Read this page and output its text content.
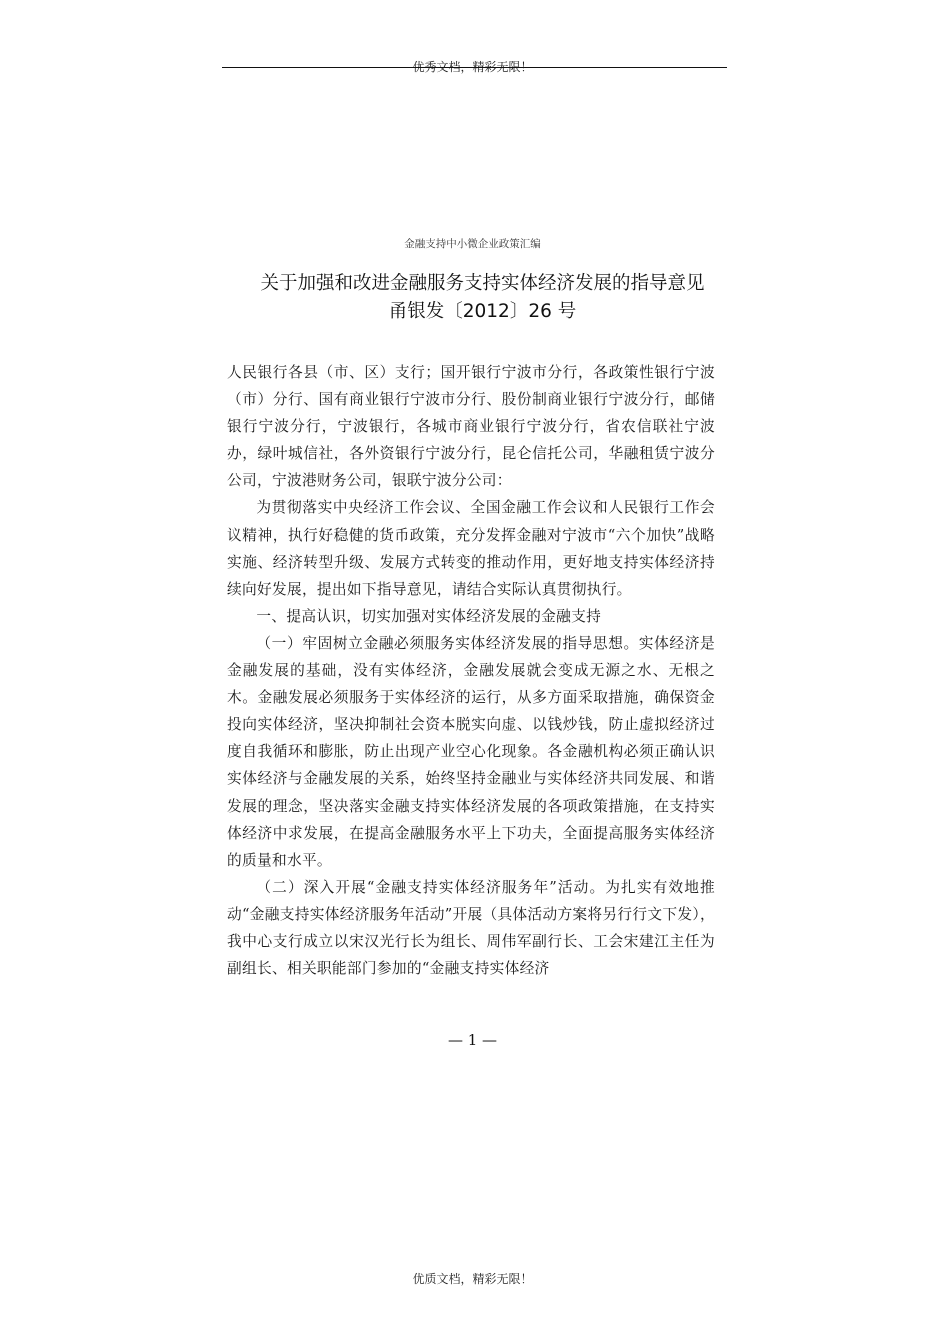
优秀文档，精彩无限！
金融支持中小微企业政策汇编
关于加强和改进金融服务支持实体经济发展的指导意见
甬银发〔2012〕26 号

人民银行各县（市、区）支行；国开银行宁波市分行，各政策性银行宁波（市）分行、国有商业银行宁波市分行、股份制商业银行宁波分行，邮储银行宁波分行，宁波银行，各城市商业银行宁波分行，省农信联社宁波办，绿叶城信社，各外资银行宁波分行，昆仑信托公司，华融租赁宁波分公司，宁波港财务公司，银联宁波分公司：

为贯彻落实中央经济工作会议、全国金融工作会议和人民银行工作会议精神，执行好稳健的货币政策，充分发挥金融对宁波市“六个加快”战略实施、经济转型升级、发展方式转变的推动作用，更好地支持实体经济持续向好发展，提出如下指导意见，请结合实际认真贯彻执行。

一、提高认识，切实加强对实体经济发展的金融支持

（一）牢固树立金融必须服务实体经济发展的指导思想。实体经济是金融发展的基础，没有实体经济，金融发展就会变成无源之水、无根之木。金融发展必须服务于实体经济的运行，从多方面采取措施，确保资金投向实体经济，坚决抑制社会资本脱实向虚、以钱炒钱，防止虚拟经济过度自我循环和膨胀，防止出现产业空心化现象。各金融机构必须正确认识实体经济与金融发展的关系，始终坚持金融业与实体经济共同发展、和谐发展的理念，坚决落实金融支持实体经济发展的各项政策措施，在支持实体经济中求发展，在提高金融服务水平上下功夫，全面提高服务实体经济的质量和水平。

（二）深入开展“金融支持实体经济服务年”活动。为扎实有效地推动“金融支持实体经济服务年活动”开展（具体活动方案将另行行文下发），我中心支行成立以宋汉光行长为组长、周伟军副行长、工会宋建江主任为副组长、相关职能部门参加的“金融支持实体经济

— 1 —
优质文档，精彩无限！
